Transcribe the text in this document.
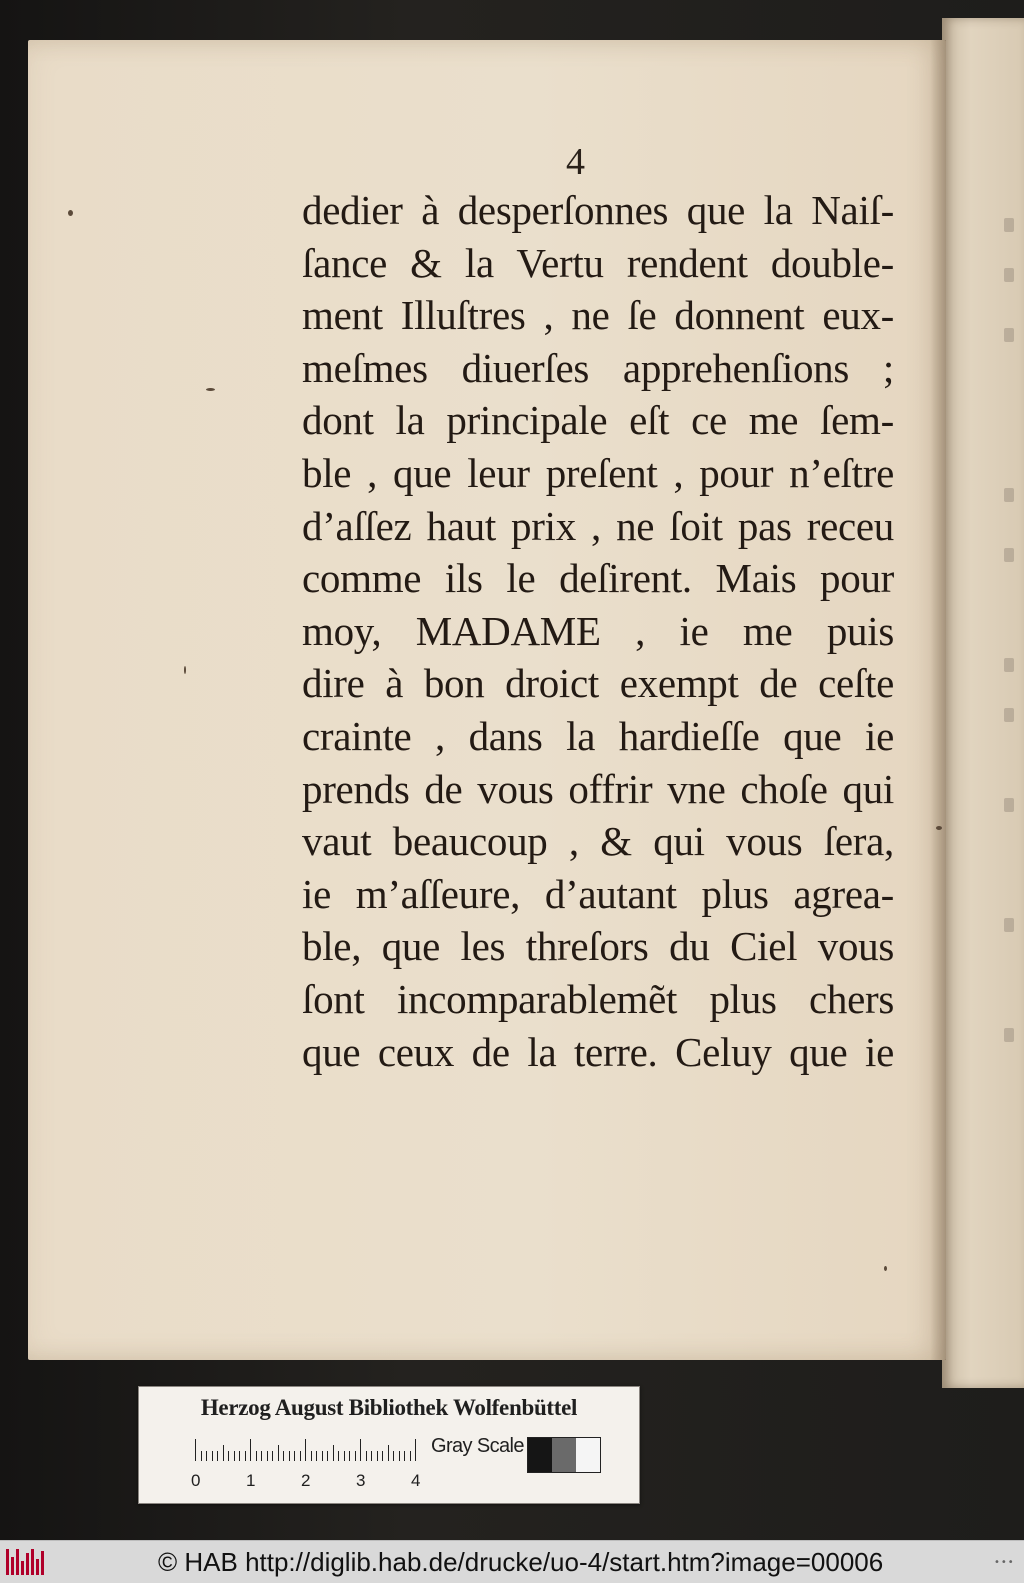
4
dedier à desperſonnes que la Naiſ-
ſance & la Vertu rendent double-
ment Illuſtres , ne ſe donnent eux-
meſmes diuerſes apprehenſions ;
dont la principale eſt ce me ſem-
ble , que leur preſent , pour n’eſtre
d’aſſez haut prix , ne ſoit pas receu
comme ils le deſirent. Mais pour
moy, MADAME , ie me puis
dire à bon droict exempt de ceſte
crainte , dans la hardieſſe que ie
prends de vous offrir vne choſe qui
vaut beaucoup , & qui vous ſera,
ie m’aſſeure, d’autant plus agrea-
ble, que les threſors du Ciel vous
ſont incomparablemẽt plus chers
que ceux de la terre. Celuy que ie
Herzog August Bibliothek Wolfenbüttel
0	1	2	3	4
Gray Scale
© HAB http://diglib.hab.de/drucke/uo-4/start.htm?image=00006	•••
